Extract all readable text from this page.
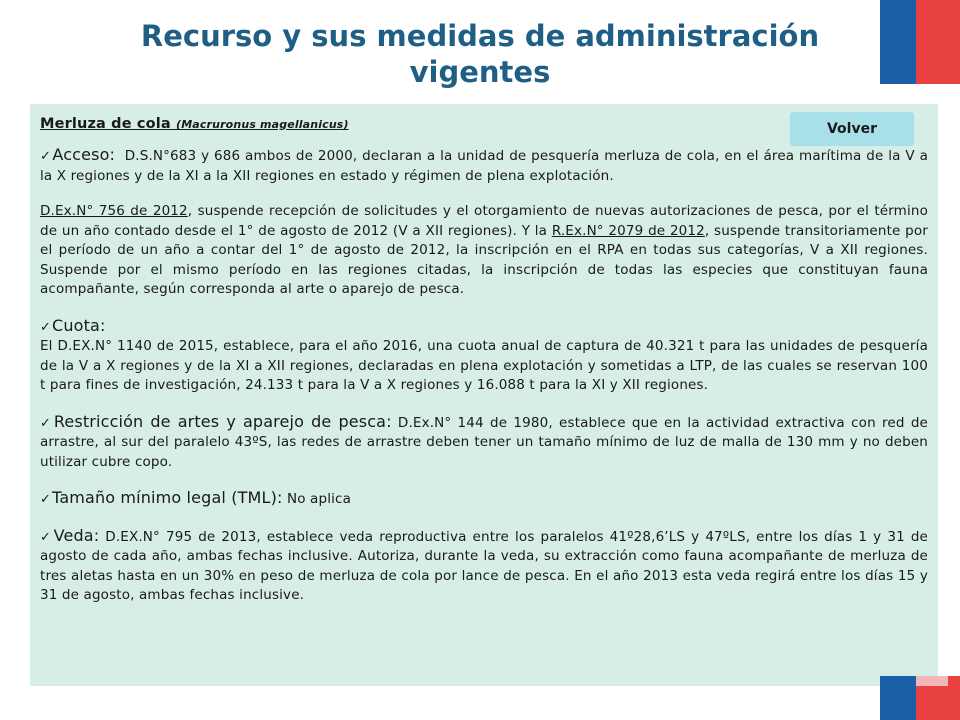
Recurso y sus medidas de administración
vigentes

Merluza de cola (Macruronus magellanicus)

✓Acceso: D.S.N°683 y 686 ambos de 2000, declaran a la unidad de pesquería merluza de cola, en el área marítima de la V a la X regiones y de la XI a la XII regiones en estado y régimen de plena explotación.

D.Ex.N° 756 de 2012, suspende recepción de solicitudes y el otorgamiento de nuevas autorizaciones de pesca, por el término de un año contado desde el 1° de agosto de 2012 (V a XII regiones). Y la R.Ex.N° 2079 de 2012, suspende transitoriamente por el período de un año a contar del 1° de agosto de 2012, la inscripción en el RPA en todas sus categorías, V a XII regiones. Suspende por el mismo período en las regiones citadas, la inscripción de todas las especies que constituyan fauna acompañante, según corresponda al arte o aparejo de pesca.

✓Cuota:

El D.EX.N° 1140 de 2015, establece, para el año 2016, una cuota anual de captura de 40.321 t para las unidades de pesquería de la V a X regiones y de la XI a XII regiones, declaradas en plena explotación y sometidas a LTP, de las cuales se reservan 100 t para fines de investigación, 24.133 t para la V a X regiones y 16.088 t para la XI y XII regiones.

✓Restricción de artes y aparejo de pesca: D.Ex.N° 144 de 1980, establece que en la actividad extractiva con red de arrastre, al sur del paralelo 43ºS, las redes de arrastre deben tener un tamaño mínimo de luz de malla de 130 mm y no deben utilizar cubre copo.

✓Tamaño mínimo legal (TML): No aplica

✓Veda: D.EX.N° 795 de 2013, establece veda reproductiva entre los paralelos 41º28,6’LS y 47ºLS, entre los días 1 y 31 de agosto de cada año, ambas fechas inclusive. Autoriza, durante la veda, su extracción como fauna acompañante de merluza de tres aletas hasta en un 30% en peso de merluza de cola por lance de pesca. En el año 2013 esta veda regirá entre los días 15 y 31 de agosto, ambas fechas inclusive.

Volver
